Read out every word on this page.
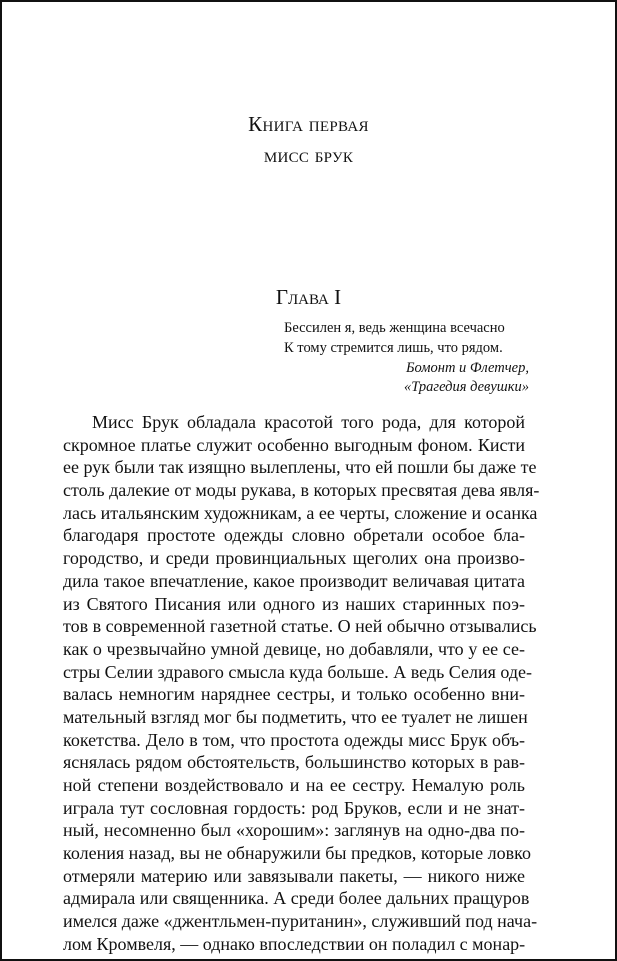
Книга первая
мисс брук
Глава I
Бессилен я, ведь женщина всечасно
К тому стремится лишь, что рядом.
Бомонт и Флетчер,
«Трагедия девушки»
Мисс Брук обладала красотой того рода, для которой
скромное платье служит особенно выгодным фоном. Кисти
ее рук были так изящно вылеплены, что ей пошли бы даже те
столь далекие от моды рукава, в которых пресвятая дева явля-
лась итальянским художникам, а ее черты, сложение и осанка
благодаря простоте одежды словно обретали особое бла-
городство, и среди провинциальных щеголих она произво-
дила такое впечатление, какое производит величавая цитата
из Святого Писания или одного из наших старинных поэ-
тов в современной газетной статье. О ней обычно отзывались
как о чрезвычайно умной девице, но добавляли, что у ее се-
стры Селии здравого смысла куда больше. А ведь Селия оде-
валась немногим наряднее сестры, и только особенно вни-
мательный взгляд мог бы подметить, что ее туалет не лишен
кокетства. Дело в том, что простота одежды мисс Брук объ-
яснялась рядом обстоятельств, большинство которых в рав-
ной степени воздействовало и на ее сестру. Немалую роль
играла тут сословная гордость: род Бруков, если и не знат-
ный, несомненно был «хорошим»: заглянув на одно-два по-
коления назад, вы не обнаружили бы предков, которые ловко
отмеряли материю или завязывали пакеты, — никого ниже
адмирала или священника. А среди более дальних пращуров
имелся даже «джентльмен-пуританин», служивший под нача-
лом Кромвеля, — однако впоследствии он поладил с монар-
